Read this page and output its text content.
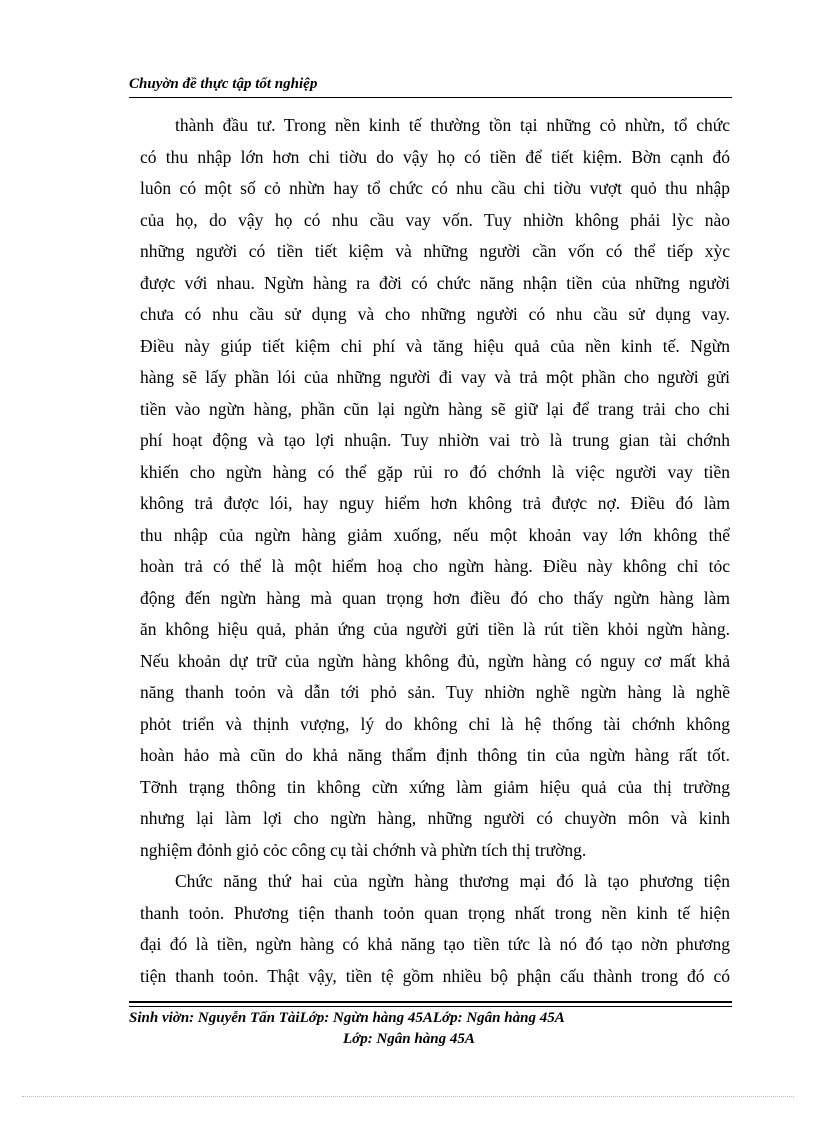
Chuyờn đề thực tập tốt nghiệp
thành đầu tư. Trong nền kinh tế thường tồn tại những cỏ nhừn, tổ chức
có thu nhập lớn hơn chi tiờu do vậy họ có tiền để tiết kiệm. Bờn cạnh đó
luôn có một số cỏ nhừn hay tổ chức có nhu cầu chi tiờu vượt quỏ thu nhập
của họ, do vậy họ có nhu cầu vay vốn. Tuy nhiờn không phải lỳc nào
những người có tiền tiết kiệm và những người cần vốn có thể tiếp xỳc
được với nhau. Ngừn hàng ra đời có chức năng nhận tiền của những người
chưa có nhu cầu sử dụng và cho những người có nhu cầu sử dụng vay.
Điều này giúp tiết kiệm chi phí và tăng hiệu quả của nền kinh tế. Ngừn
hàng sẽ lấy phần lói của những người đi vay và trả một phần cho người gửi
tiền vào ngừn hàng, phần cũn lại ngừn hàng sẽ giữ lại để trang trải cho chi
phí hoạt động và tạo lợi nhuận. Tuy nhiờn vai trò là trung gian tài chớnh
khiến cho ngừn hàng có thể gặp rủi ro đó chớnh là việc người vay tiền
không trả được lói, hay nguy hiểm hơn không trả được nợ. Điều đó làm
thu nhập của ngừn hàng giảm xuống, nếu một khoản vay lớn không thể
hoàn trả có thể là một hiểm hoạ cho ngừn hàng. Điều này không chỉ tỏc
động đến ngừn hàng mà quan trọng hơn điều đó cho thấy ngừn hàng làm
ăn không hiệu quả, phản ứng của người gửi tiền là rút tiền khỏi ngừn hàng.
Nếu khoản dự trữ của ngừn hàng không đủ, ngừn hàng có nguy cơ mất khả
năng thanh toỏn và dẫn tới phỏ sản. Tuy nhiờn nghề ngừn hàng là nghề
phỏt triển và thịnh vượng, lý do không chỉ là hệ thống tài chớnh không
hoàn hảo mà cũn do khả năng thẩm định thông tin của ngừn hàng rất tốt.
Tỡnh trạng thông tin không cừn xứng làm giảm hiệu quả của thị trường
nhưng lại làm lợi cho ngừn hàng, những người có chuyờn môn và kinh
nghiệm đỏnh giỏ cỏc công cụ tài chớnh và phừn tích thị trường.
Chức năng thứ hai của ngừn hàng thương mại đó là tạo phương tiện
thanh toỏn. Phương tiện thanh toỏn quan trọng nhất trong nền kinh tế hiện
đại đó là tiền, ngừn hàng có khả năng tạo tiền tức là nó đó tạo nờn phương
tiện thanh toỏn. Thật vậy, tiền tệ gồm nhiều bộ phận cấu thành trong đó có
Sinh viờn: Nguyễn Tấn TàiLớp: Ngừn hàng 45ALớp: Ngân hàng 45A
Lớp: Ngân hàng 45A
